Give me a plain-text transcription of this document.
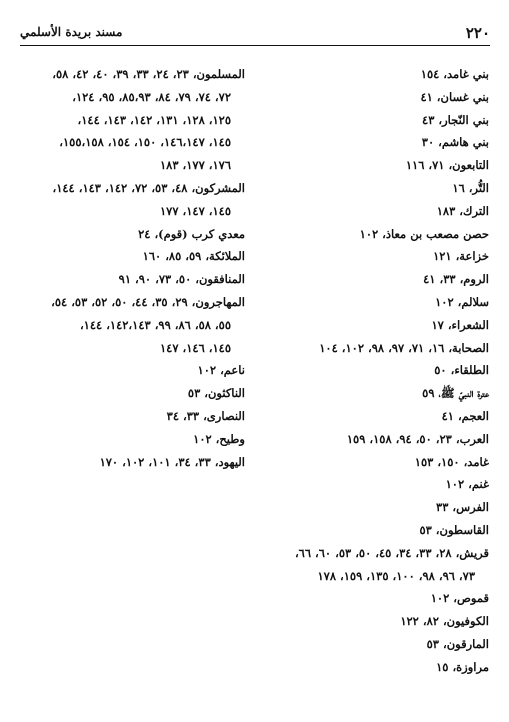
٢٢٠
مسند بريدة الأسلمي
بني غامد، ١٥٤
بني غسان، ٤١
بني النّجار، ٤٣
بني هاشم، ٣٠
التابعون، ٧١، ١١٦
التُّر، ١٦
الترك، ١٨٣
حصن مصعب بن معاذ، ١٠٢
خزاعة، ١٢١
الروم، ٣٣، ٤١
سلالم، ١٠٢
الشعراء، ١٧
الصحابة، ١٦، ٧١، ٩٧، ٩٨، ١٠٢، ١٠٤
الطلقاء، ٥٠
عترة النبيّ ﷺ، ٥٩
العجم، ٤١
العرب، ٢٣، ٥٠، ٩٤، ١٥٨، ١٥٩
غامد، ١٥٠، ١٥٣
غنم، ١٠٢
الفرس، ٣٣
القاسطون، ٥٣
قريش، ٢٨، ٣٣، ٣٤، ٤٥، ٥٠، ٥٣، ٦٠، ٦٦،
٧٣، ٩٦، ٩٨، ١٠٠، ١٣٥، ١٥٩، ١٧٨
قموص، ١٠٢
الكوفيون، ٨٢، ١٢٢
المارقون، ٥٣
مراوزة، ١٥
المسلمون، ٢٣، ٢٤، ٣٣، ٣٩، ٤٠، ٤٢، ٥٨،
٧٢، ٧٤، ٧٩، ٨٤، ٨٥،٩٣، ٩٥، ١٢٤،
١٢٥، ١٢٨، ١٣١، ١٤٢، ١٤٣، ١٤٤،
١٤٥، ١٤٦،١٤٧، ١٥٠، ١٥٤، ١٥٥،١٥٨،
١٧٦، ١٧٧، ١٨٣
المشركون، ٤٨، ٥٣، ٧٢، ١٤٢، ١٤٣، ١٤٤،
١٤٥، ١٤٧، ١٧٧
معدي كرب (قوم)، ٢٤
الملائكة، ٥٩، ٨٥، ١٦٠
المنافقون، ٥٠، ٧٣، ٩٠، ٩١
المهاجرون، ٢٩، ٣٥، ٤٤، ٥٠، ٥٢، ٥٣، ٥٤،
٥٥، ٥٨، ٨٦، ٩٩، ١٤٢،١٤٣، ١٤٤،
١٤٥، ١٤٦، ١٤٧
ناعم، ١٠٢
الناكثون، ٥٣
النصارى، ٣٣، ٣٤
وطيح، ١٠٢
اليهود، ٣٣، ٣٤، ١٠١، ١٠٢، ١٧٠
